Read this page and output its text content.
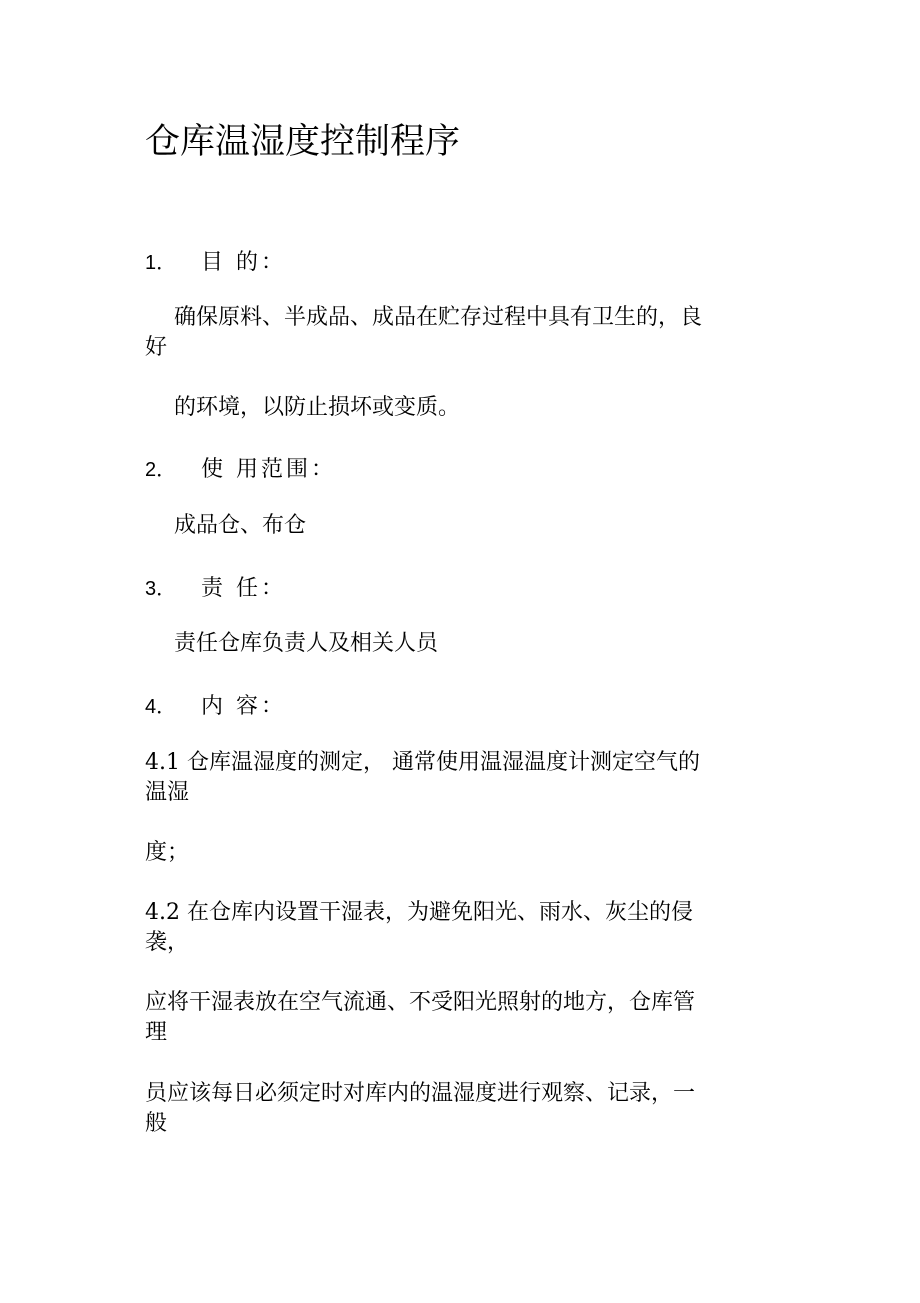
仓库温湿度控制程序
1． 目 的：
确保原料、半成品、成品在贮存过程中具有卫生的，良
好
的环境，以防止损坏或变质。
2． 使 用范围：
成品仓、布仓
3． 责 任：
责任仓库负责人及相关人员
4． 内 容：
4.1 仓库温湿度的测定， 通常使用温湿温度计测定空气的
温湿
度；
4.2 在仓库内设置干湿表，为避免阳光、雨水、灰尘的侵
袭，
应将干湿表放在空气流通、不受阳光照射的地方，仓库管
理
员应该每日必须定时对库内的温湿度进行观察、记录，一
般
